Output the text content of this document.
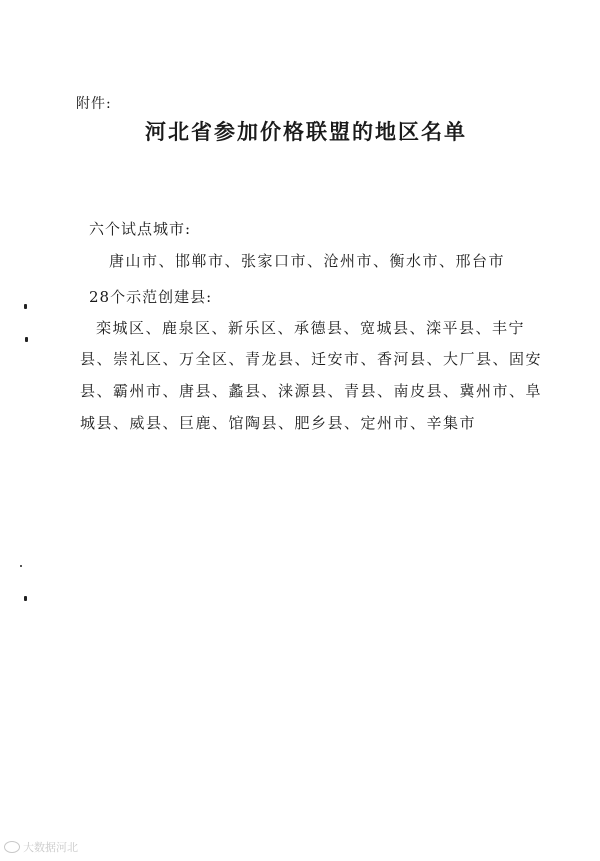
附件:
河北省参加价格联盟的地区名单
六个试点城市:
唐山市、邯郸市、张家口市、沧州市、衡水市、邢台市
28个示范创建县:
栾城区、鹿泉区、新乐区、承德县、宽城县、滦平县、丰宁
县、崇礼区、万全区、青龙县、迁安市、香河县、大厂县、固安
县、霸州市、唐县、蠡县、涞源县、青县、南皮县、冀州市、阜
城县、威县、巨鹿、馆陶县、肥乡县、定州市、辛集市
大数据河北
